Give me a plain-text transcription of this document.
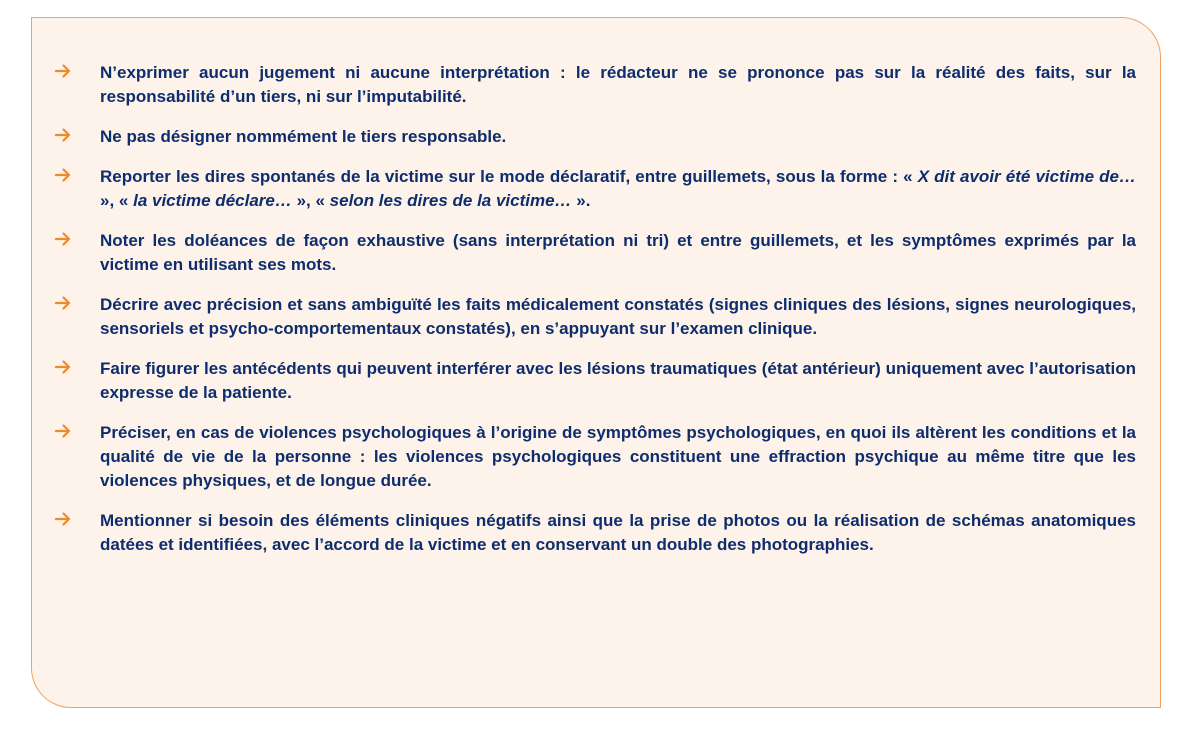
N’exprimer aucun jugement ni aucune interprétation : le rédacteur ne se prononce pas sur la réalité des faits, sur la responsabilité d’un tiers, ni sur l’imputabilité.
Ne pas désigner nommément le tiers responsable.
Reporter les dires spontanés de la victime sur le mode déclaratif, entre guillemets, sous la forme : « X dit avoir été victime de… », « la victime déclare… », « selon les dires de la victime… ».
Noter les doléances de façon exhaustive (sans interprétation ni tri) et entre guillemets, et les symptômes exprimés par la victime en utilisant ses mots.
Décrire avec précision et sans ambiguïté les faits médicalement constatés (signes cliniques des lésions, signes neurologiques, sensoriels et psycho-comportementaux constatés), en s’appuyant sur l’examen clinique.
Faire figurer les antécédents qui peuvent interférer avec les lésions traumatiques (état antérieur) uniquement avec l’autorisation expresse de la patiente.
Préciser, en cas de violences psychologiques à l’origine de symptômes psychologiques, en quoi ils altèrent les conditions et la qualité de vie de la personne : les violences psychologiques constituent une effraction psychique au même titre que les violences physiques, et de longue durée.
Mentionner si besoin des éléments cliniques négatifs ainsi que la prise de photos ou la réalisation de schémas anatomiques datées et identifiées, avec l’accord de la victime et en conservant un double des photographies.
